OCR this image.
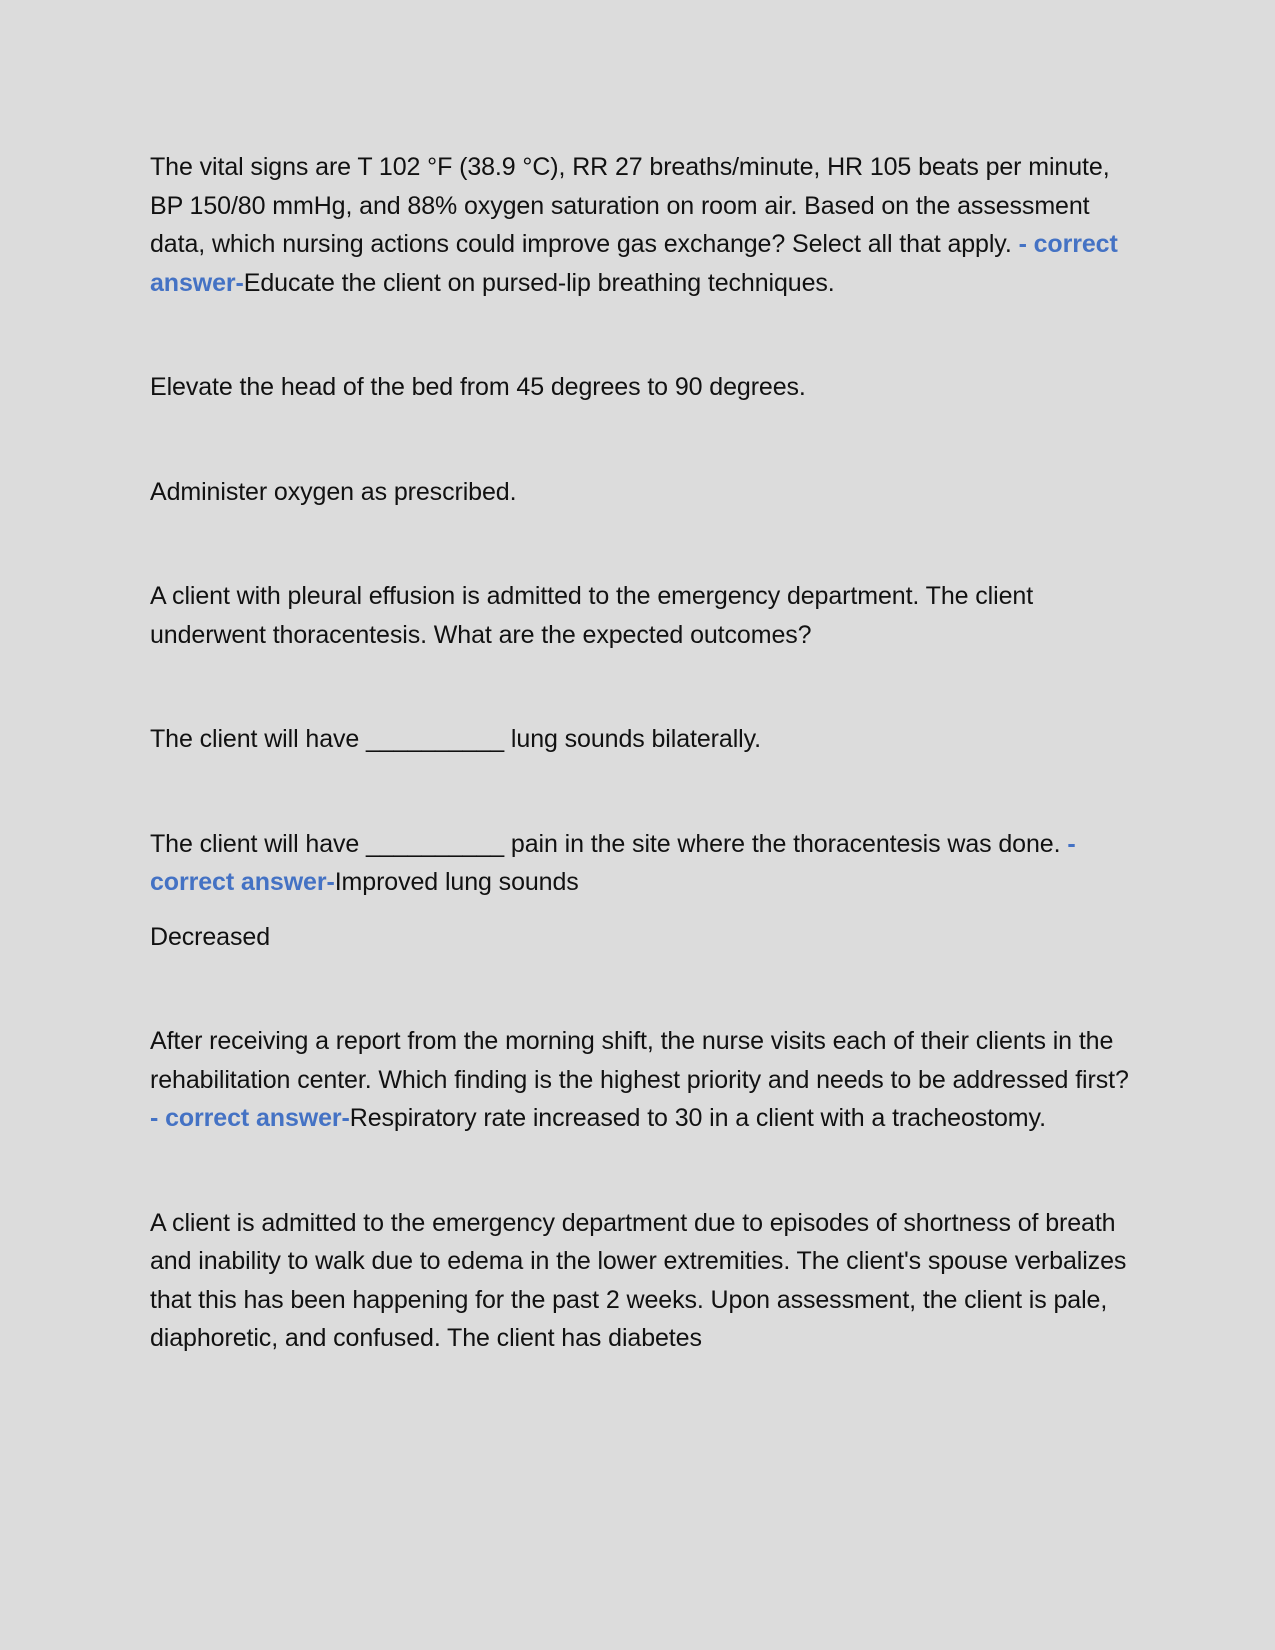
The vital signs are T 102 °F (38.9 °C), RR 27 breaths/minute, HR 105 beats per minute, BP 150/80 mmHg, and 88% oxygen saturation on room air. Based on the assessment data, which nursing actions could improve gas exchange? Select all that apply. - correct answer-Educate the client on pursed-lip breathing techniques.

Elevate the head of the bed from 45 degrees to 90 degrees.

Administer oxygen as prescribed.

A client with pleural effusion is admitted to the emergency department. The client underwent thoracentesis. What are the expected outcomes?

The client will have __________ lung sounds bilaterally.

The client will have __________ pain in the site where the thoracentesis was done. - correct answer-Improved lung sounds

Decreased

After receiving a report from the morning shift, the nurse visits each of their clients in the rehabilitation center. Which finding is the highest priority and needs to be addressed first? - correct answer-Respiratory rate increased to 30 in a client with a tracheostomy.

A client is admitted to the emergency department due to episodes of shortness of breath and inability to walk due to edema in the lower extremities. The client's spouse verbalizes that this has been happening for the past 2 weeks. Upon assessment, the client is pale, diaphoretic, and confused. The client has diabetes
